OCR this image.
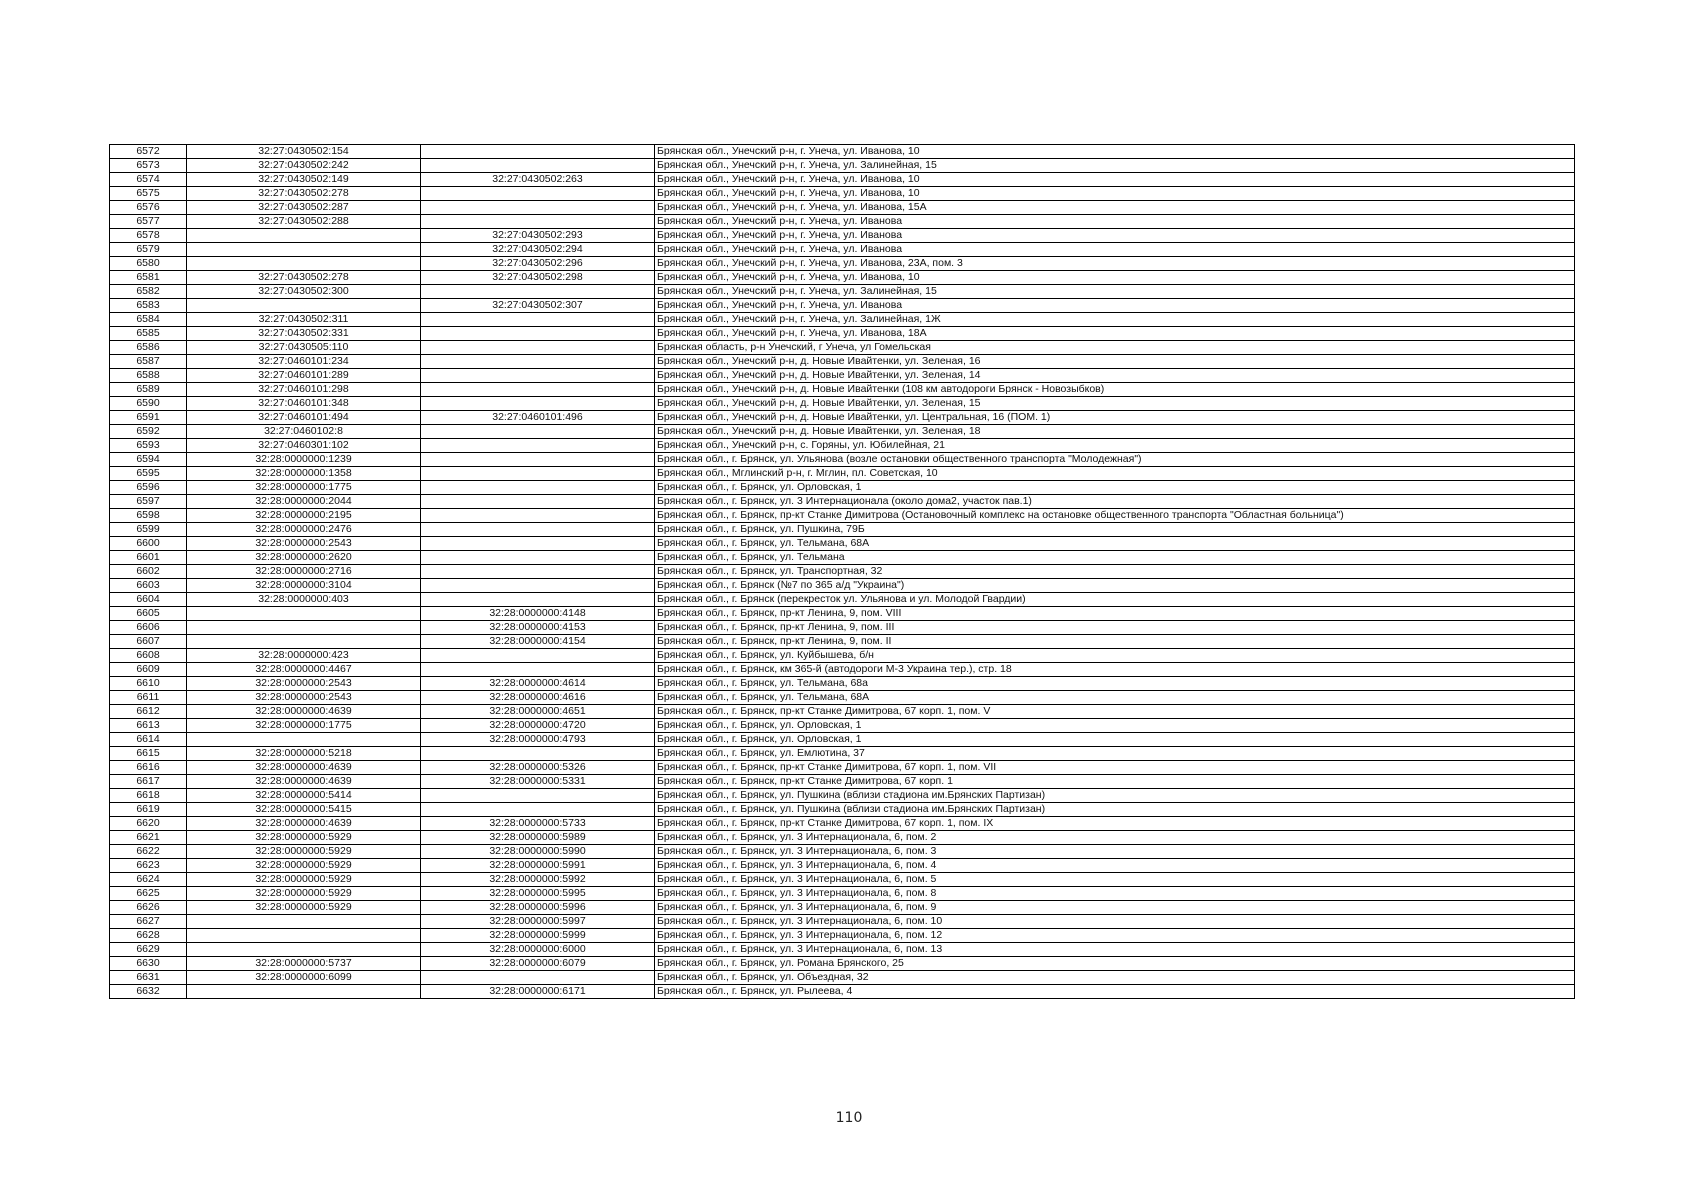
6572	32:27:0430502:154		Брянская обл., Унечский р-н, г. Унеча, ул. Иванова, 10
6573	32:27:0430502:242		Брянская обл., Унечский р-н, г. Унеча, ул. Залинейная, 15
6574	32:27:0430502:149	32:27:0430502:263	Брянская обл., Унечский р-н, г. Унеча, ул. Иванова, 10
6575	32:27:0430502:278		Брянская обл., Унечский р-н, г. Унеча, ул. Иванова, 10
6576	32:27:0430502:287		Брянская обл., Унечский р-н, г. Унеча, ул. Иванова, 15А
6577	32:27:0430502:288		Брянская обл., Унечский р-н, г. Унеча, ул. Иванова
6578		32:27:0430502:293	Брянская обл., Унечский р-н, г. Унеча, ул. Иванова
6579		32:27:0430502:294	Брянская обл., Унечский р-н, г. Унеча, ул. Иванова
6580		32:27:0430502:296	Брянская обл., Унечский р-н, г. Унеча, ул. Иванова, 23А, пом. 3
6581	32:27:0430502:278	32:27:0430502:298	Брянская обл., Унечский р-н, г. Унеча, ул. Иванова, 10
6582	32:27:0430502:300		Брянская обл., Унечский р-н, г. Унеча, ул. Залинейная, 15
6583		32:27:0430502:307	Брянская обл., Унечский р-н, г. Унеча, ул. Иванова
6584	32:27:0430502:311		Брянская обл., Унечский р-н, г. Унеча, ул. Залинейная, 1Ж
6585	32:27:0430502:331		Брянская обл., Унечский р-н, г. Унеча, ул. Иванова, 18А
6586	32:27:0430505:110		Брянская область, р-н Унечский, г Унеча, ул Гомельская
6587	32:27:0460101:234		Брянская обл., Унечский р-н, д. Новые Ивайтенки, ул. Зеленая, 16
6588	32:27:0460101:289		Брянская обл., Унечский р-н, д. Новые Ивайтенки, ул. Зеленая, 14
6589	32:27:0460101:298		Брянская обл., Унечский р-н, д. Новые Ивайтенки (108 км автодороги Брянск - Новозыбков)
6590	32:27:0460101:348		Брянская обл., Унечский р-н, д. Новые Ивайтенки, ул. Зеленая, 15
6591	32:27:0460101:494	32:27:0460101:496	Брянская обл., Унечский р-н, д. Новые Ивайтенки, ул. Центральная, 16 (ПОМ. 1)
6592	32:27:0460102:8		Брянская обл., Унечский р-н, д. Новые Ивайтенки, ул. Зеленая, 18
6593	32:27:0460301:102		Брянская обл., Унечский р-н, с. Горяны, ул. Юбилейная, 21
6594	32:28:0000000:1239		Брянская обл., г. Брянск, ул. Ульянова (возле остановки общественного транспорта "Молодежная")
6595	32:28:0000000:1358		Брянская обл., Мглинский р-н, г. Мглин, пл. Советская, 10
6596	32:28:0000000:1775		Брянская обл., г. Брянск, ул. Орловская, 1
6597	32:28:0000000:2044		Брянская обл., г. Брянск, ул. 3 Интернационала (около дома2, участок пав.1)
6598	32:28:0000000:2195		Брянская обл., г. Брянск, пр-кт Станке Димитрова (Остановочный комплекс на остановке общественного транспорта "Областная больница")
6599	32:28:0000000:2476		Брянская обл., г. Брянск, ул. Пушкина, 79Б
6600	32:28:0000000:2543		Брянская обл., г. Брянск, ул. Тельмана, 68А
6601	32:28:0000000:2620		Брянская обл., г. Брянск, ул. Тельмана
6602	32:28:0000000:2716		Брянская обл., г. Брянск, ул. Транспортная, 32
6603	32:28:0000000:3104		Брянская обл., г. Брянск (№7 по 365 а/д "Украина")
6604	32:28:0000000:403		Брянская обл., г. Брянск (перекресток ул. Ульянова и ул. Молодой Гвардии)
6605		32:28:0000000:4148	Брянская обл., г. Брянск, пр-кт Ленина, 9, пом. VIII
6606		32:28:0000000:4153	Брянская обл., г. Брянск, пр-кт Ленина, 9, пом. III
6607		32:28:0000000:4154	Брянская обл., г. Брянск, пр-кт Ленина, 9, пом. II
6608	32:28:0000000:423		Брянская обл., г. Брянск, ул. Куйбышева, б/н
6609	32:28:0000000:4467		Брянская обл., г. Брянск, км 365-й (автодороги М-3 Украина тер.), стр. 18
6610	32:28:0000000:2543	32:28:0000000:4614	Брянская обл., г. Брянск, ул. Тельмана, 68а
6611	32:28:0000000:2543	32:28:0000000:4616	Брянская обл., г. Брянск, ул. Тельмана, 68А
6612	32:28:0000000:4639	32:28:0000000:4651	Брянская обл., г. Брянск, пр-кт Станке Димитрова, 67 корп. 1, пом. V
6613	32:28:0000000:1775	32:28:0000000:4720	Брянская обл., г. Брянск, ул. Орловская, 1
6614		32:28:0000000:4793	Брянская обл., г. Брянск, ул. Орловская, 1
6615	32:28:0000000:5218		Брянская обл., г. Брянск, ул. Емлютина, 37
6616	32:28:0000000:4639	32:28:0000000:5326	Брянская обл., г. Брянск, пр-кт Станке Димитрова, 67 корп. 1, пом. VII
6617	32:28:0000000:4639	32:28:0000000:5331	Брянская обл., г. Брянск, пр-кт Станке Димитрова, 67 корп. 1
6618	32:28:0000000:5414		Брянская обл., г. Брянск, ул. Пушкина (вблизи стадиона им.Брянских Партизан)
6619	32:28:0000000:5415		Брянская обл., г. Брянск, ул. Пушкина (вблизи стадиона им.Брянских Партизан)
6620	32:28:0000000:4639	32:28:0000000:5733	Брянская обл., г. Брянск, пр-кт Станке Димитрова, 67 корп. 1, пом. IX
6621	32:28:0000000:5929	32:28:0000000:5989	Брянская обл., г. Брянск, ул. 3 Интернационала, 6, пом. 2
6622	32:28:0000000:5929	32:28:0000000:5990	Брянская обл., г. Брянск, ул. 3 Интернационала, 6, пом. 3
6623	32:28:0000000:5929	32:28:0000000:5991	Брянская обл., г. Брянск, ул. 3 Интернационала, 6, пом. 4
6624	32:28:0000000:5929	32:28:0000000:5992	Брянская обл., г. Брянск, ул. 3 Интернационала, 6, пом. 5
6625	32:28:0000000:5929	32:28:0000000:5995	Брянская обл., г. Брянск, ул. 3 Интернационала, 6, пом. 8
6626	32:28:0000000:5929	32:28:0000000:5996	Брянская обл., г. Брянск, ул. 3 Интернационала, 6, пом. 9
6627		32:28:0000000:5997	Брянская обл., г. Брянск, ул. 3 Интернационала, 6, пом. 10
6628		32:28:0000000:5999	Брянская обл., г. Брянск, ул. 3 Интернационала, 6, пом. 12
6629		32:28:0000000:6000	Брянская обл., г. Брянск, ул. 3 Интернационала, 6, пом. 13
6630	32:28:0000000:5737	32:28:0000000:6079	Брянская обл., г. Брянск, ул. Романа Брянского, 25
6631	32:28:0000000:6099		Брянская обл., г. Брянск, ул. Объездная, 32
6632		32:28:0000000:6171	Брянская обл., г. Брянск, ул. Рылеева, 4
110
